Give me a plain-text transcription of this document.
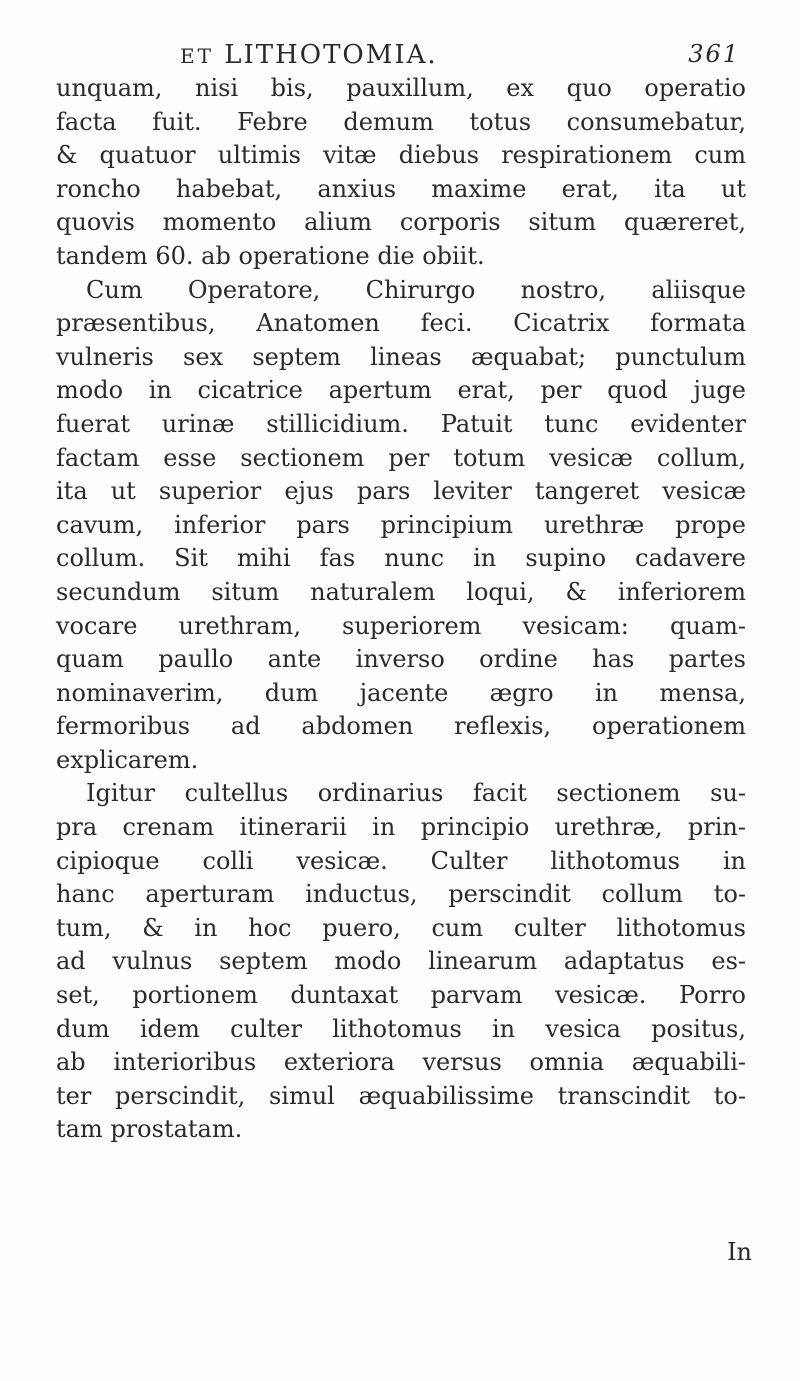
ET LITHOTOMIA.	361
unquam, nisi bis, pauxillum, ex quo operatio
facta fuit. Febre demum totus consumebatur,
& quatuor ultimis vitæ diebus respirationem cum
roncho habebat, anxius maxime erat, ita ut
quovis momento alium corporis situm quæreret,
tandem 60. ab operatione die obiit.
Cum Operatore, Chirurgo nostro, aliisque
præsentibus, Anatomen feci. Cicatrix formata
vulneris sex septem lineas æquabat; punctulum
modo in cicatrice apertum erat, per quod juge
fuerat urinæ stillicidium. Patuit tunc evidenter
factam esse sectionem per totum vesicæ collum,
ita ut superior ejus pars leviter tangeret vesicæ
cavum, inferior pars principium urethræ prope
collum. Sit mihi fas nunc in supino cadavere
secundum situm naturalem loqui, & inferiorem
vocare urethram, superiorem vesicam: quam-
quam paullo ante inverso ordine has partes
nominaverim, dum jacente ægro in mensa,
fermoribus ad abdomen reflexis, operationem
explicarem.
Igitur cultellus ordinarius facit sectionem su-
pra crenam itinerarii in principio urethræ, prin-
cipioque colli vesicæ. Culter lithotomus in
hanc aperturam inductus, perscindit collum to-
tum, & in hoc puero, cum culter lithotomus
ad vulnus septem modo linearum adaptatus es-
set, portionem duntaxat parvam vesicæ. Porro
dum idem culter lithotomus in vesica positus,
ab interioribus exteriora versus omnia æquabili-
ter perscindit, simul æquabilissime transcindit to-
tam prostatam.
In
